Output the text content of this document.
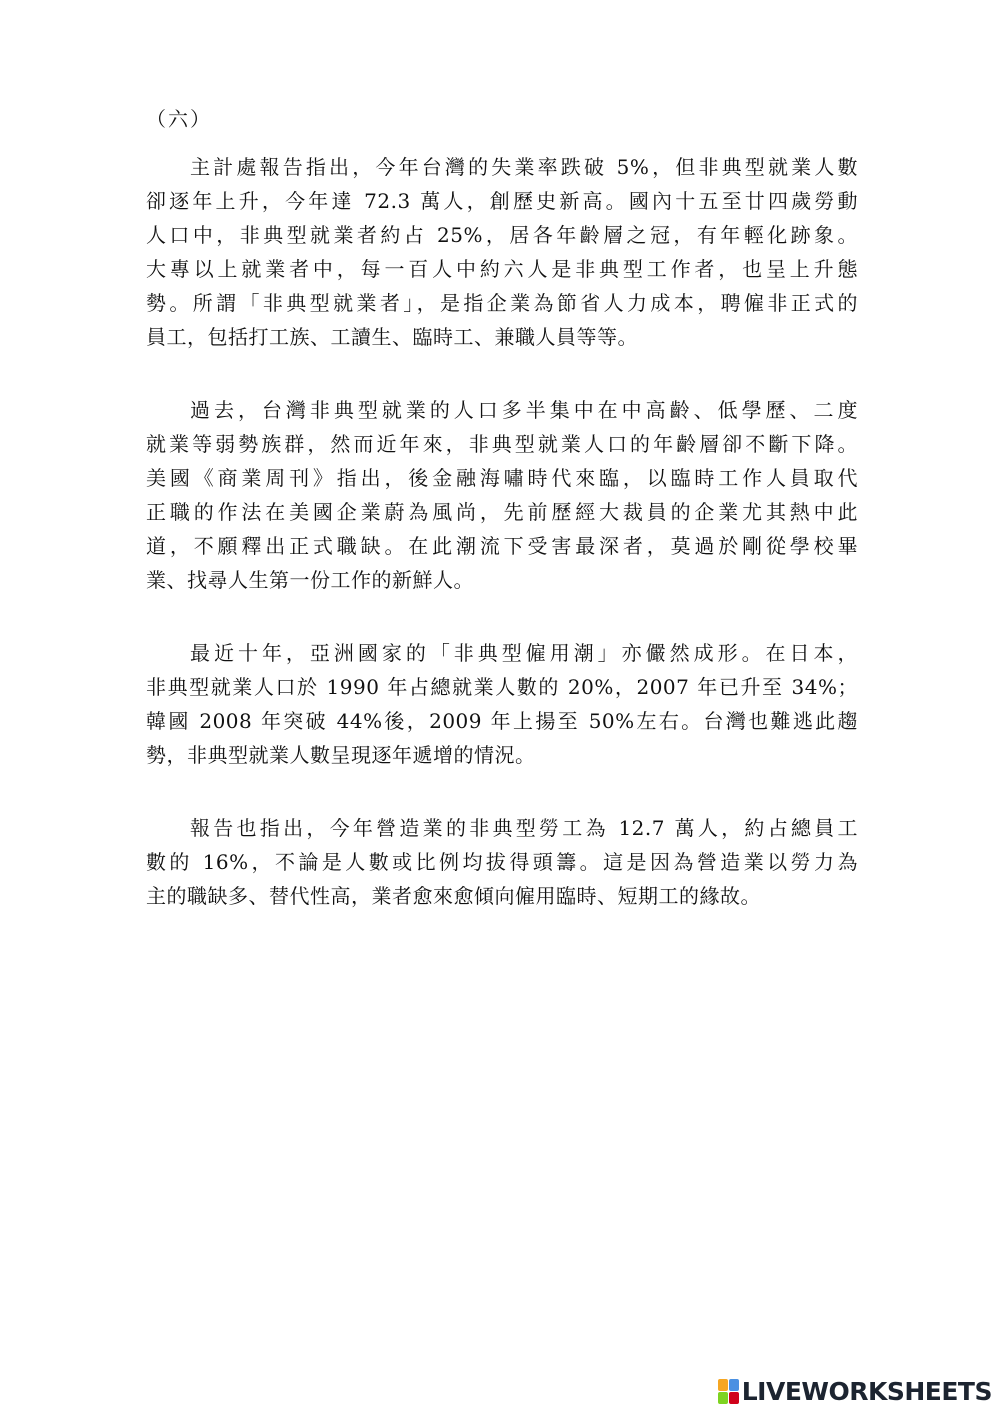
（六）
主計處報告指出，今年台灣的失業率跌破 5%，但非典型就業人數
卻逐年上升，今年達 72.3 萬人，創歷史新高。國內十五至廿四歲勞動
人口中，非典型就業者約占 25%，居各年齡層之冠，有年輕化跡象。
大專以上就業者中，每一百人中約六人是非典型工作者，也呈上升態
勢。所謂「非典型就業者」，是指企業為節省人力成本，聘僱非正式的
員工，包括打工族、工讀生、臨時工、兼職人員等等。
過去，台灣非典型就業的人口多半集中在中高齡、低學歷、二度
就業等弱勢族群，然而近年來，非典型就業人口的年齡層卻不斷下降。
美國《商業周刊》指出，後金融海嘯時代來臨，以臨時工作人員取代
正職的作法在美國企業蔚為風尚，先前歷經大裁員的企業尤其熱中此
道，不願釋出正式職缺。在此潮流下受害最深者，莫過於剛從學校畢
業、找尋人生第一份工作的新鮮人。
最近十年，亞洲國家的「非典型僱用潮」亦儼然成形。在日本，
非典型就業人口於 1990 年占總就業人數的 20%，2007 年已升至 34%；
韓國 2008 年突破 44%後，2009 年上揚至 50%左右。台灣也難逃此趨
勢，非典型就業人數呈現逐年遞增的情況。
報告也指出，今年營造業的非典型勞工為 12.7 萬人，約占總員工
數的 16%，不論是人數或比例均拔得頭籌。這是因為營造業以勞力為
主的職缺多、替代性高，業者愈來愈傾向僱用臨時、短期工的緣故。
LIVEWORKSHEETS
